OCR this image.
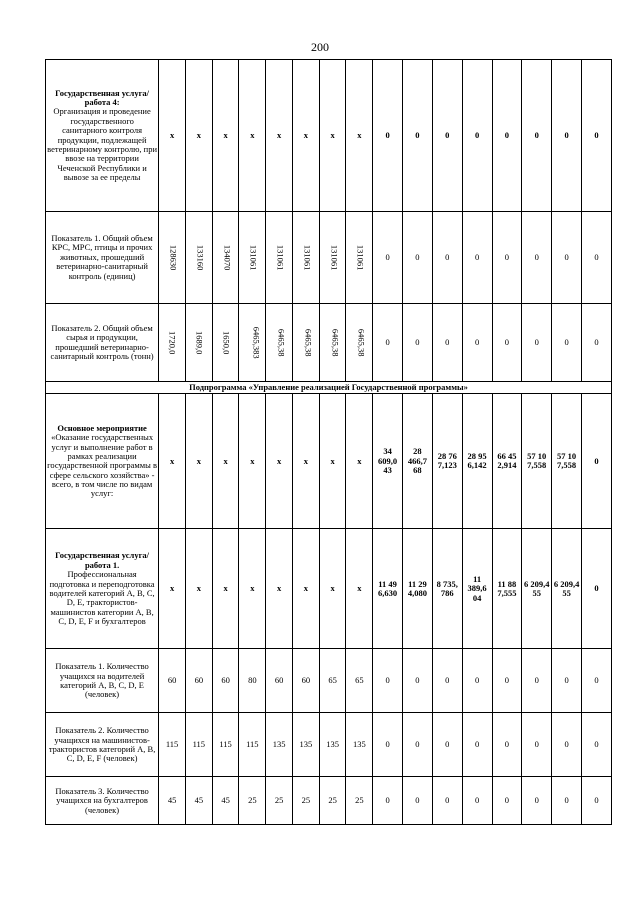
200
Государственная услуга/работа 4:
Организация и проведение государственного санитарного контроля продукции, подлежащей ветеринарному контролю, при ввозе на территории Чеченской Республики и вывозе за ее пределы	x	x	x	x	x	x	x	x	0	0	0	0	0	0	0	0
Показатель 1. Общий объем КРС, МРС, птицы и прочих животных, прошедший ветеринарно-санитарный контроль (единиц)	128630	133160	134070	131061	131061	131061	131061	131061	0	0	0	0	0	0	0	0
Показатель 2. Общий объем сырья и продукции, прошедший ветеринарно-санитарный контроль (тонн)	1720,0	1689,0	1650,0	6465,383	6465,38	6465,38	6465,38	6465,38	0	0	0	0	0	0	0	0
Подпрограмма «Управление реализацией Государственной программы»																
Основное мероприятие
«Оказание государственных услуг и выполнение работ в рамках реализации государственной программы в сфере сельского хозяйства» - всего, в том числе по видам услуг:	x	x	x	x	x	x	x	x	34 609,0 43	28 466,7 68	28 76 7,123	28 95 6,142	66 45 2,914	57 10 7,558	57 10 7,558	0
Государственная услуга/работа 1.
Профессиональная подготовка и переподготовка водителей категорий A, B, C, D, E, трактористов-машинистов категории A, B, C, D, E, F и бухгалтеров	x	x	x	x	x	x	x	x	11 49 6,630	11 29 4,080	8 735, 786	11 389,6 04	11 88 7,555	6 209,4 55	6 209,4 55	0
Показатель 1. Количество учащихся на водителей категорий A, B, C, D, E (человек)	60	60	60	80	60	60	65	65	0	0	0	0	0	0	0	0
Показатель 2. Количество учащихся на машинистов-трактористов категорий A, B, C, D, E, F (человек)	115	115	115	115	135	135	135	135	0	0	0	0	0	0	0	0
Показатель 3. Количество учащихся на бухгалтеров (человек)	45	45	45	25	25	25	25	25	0	0	0	0	0	0	0	0
